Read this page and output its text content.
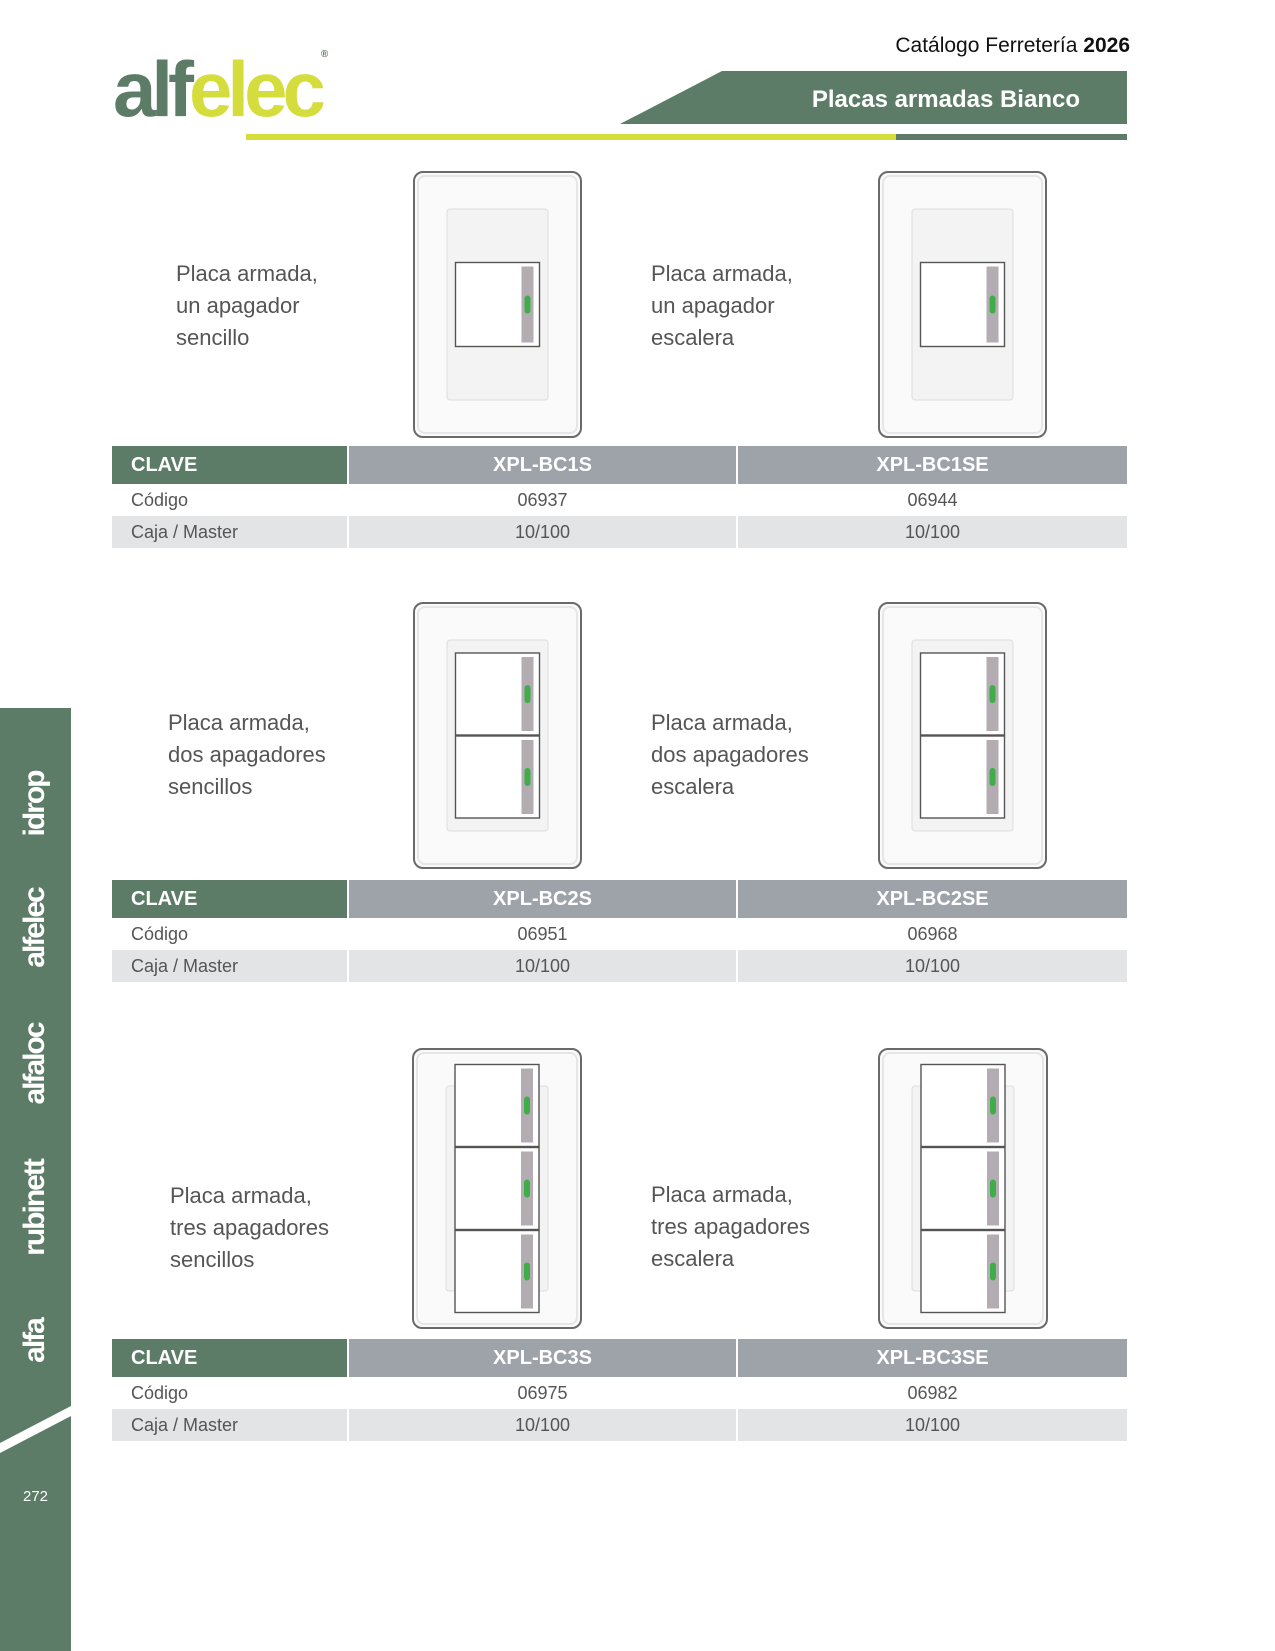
Catálogo Ferretería 2026
alfelec®
Placas armadas Bianco
idrop
alfelec
alfaloc
rubinett
alfa
272
Placa armada,
un apagador
sencillo
Placa armada,
un apagador
escalera
Placa armada,
dos apagadores
sencillos
Placa armada,
dos apagadores
escalera
Placa armada,
tres apagadores
sencillos
Placa armada,
tres apagadores
escalera
CLAVE	XPL-BC1S	XPL-BC1SE
Código	06937	06944
Caja / Master	10/100	10/100
CLAVE	XPL-BC2S	XPL-BC2SE
Código	06951	06968
Caja / Master	10/100	10/100
CLAVE	XPL-BC3S	XPL-BC3SE
Código	06975	06982
Caja / Master	10/100	10/100
